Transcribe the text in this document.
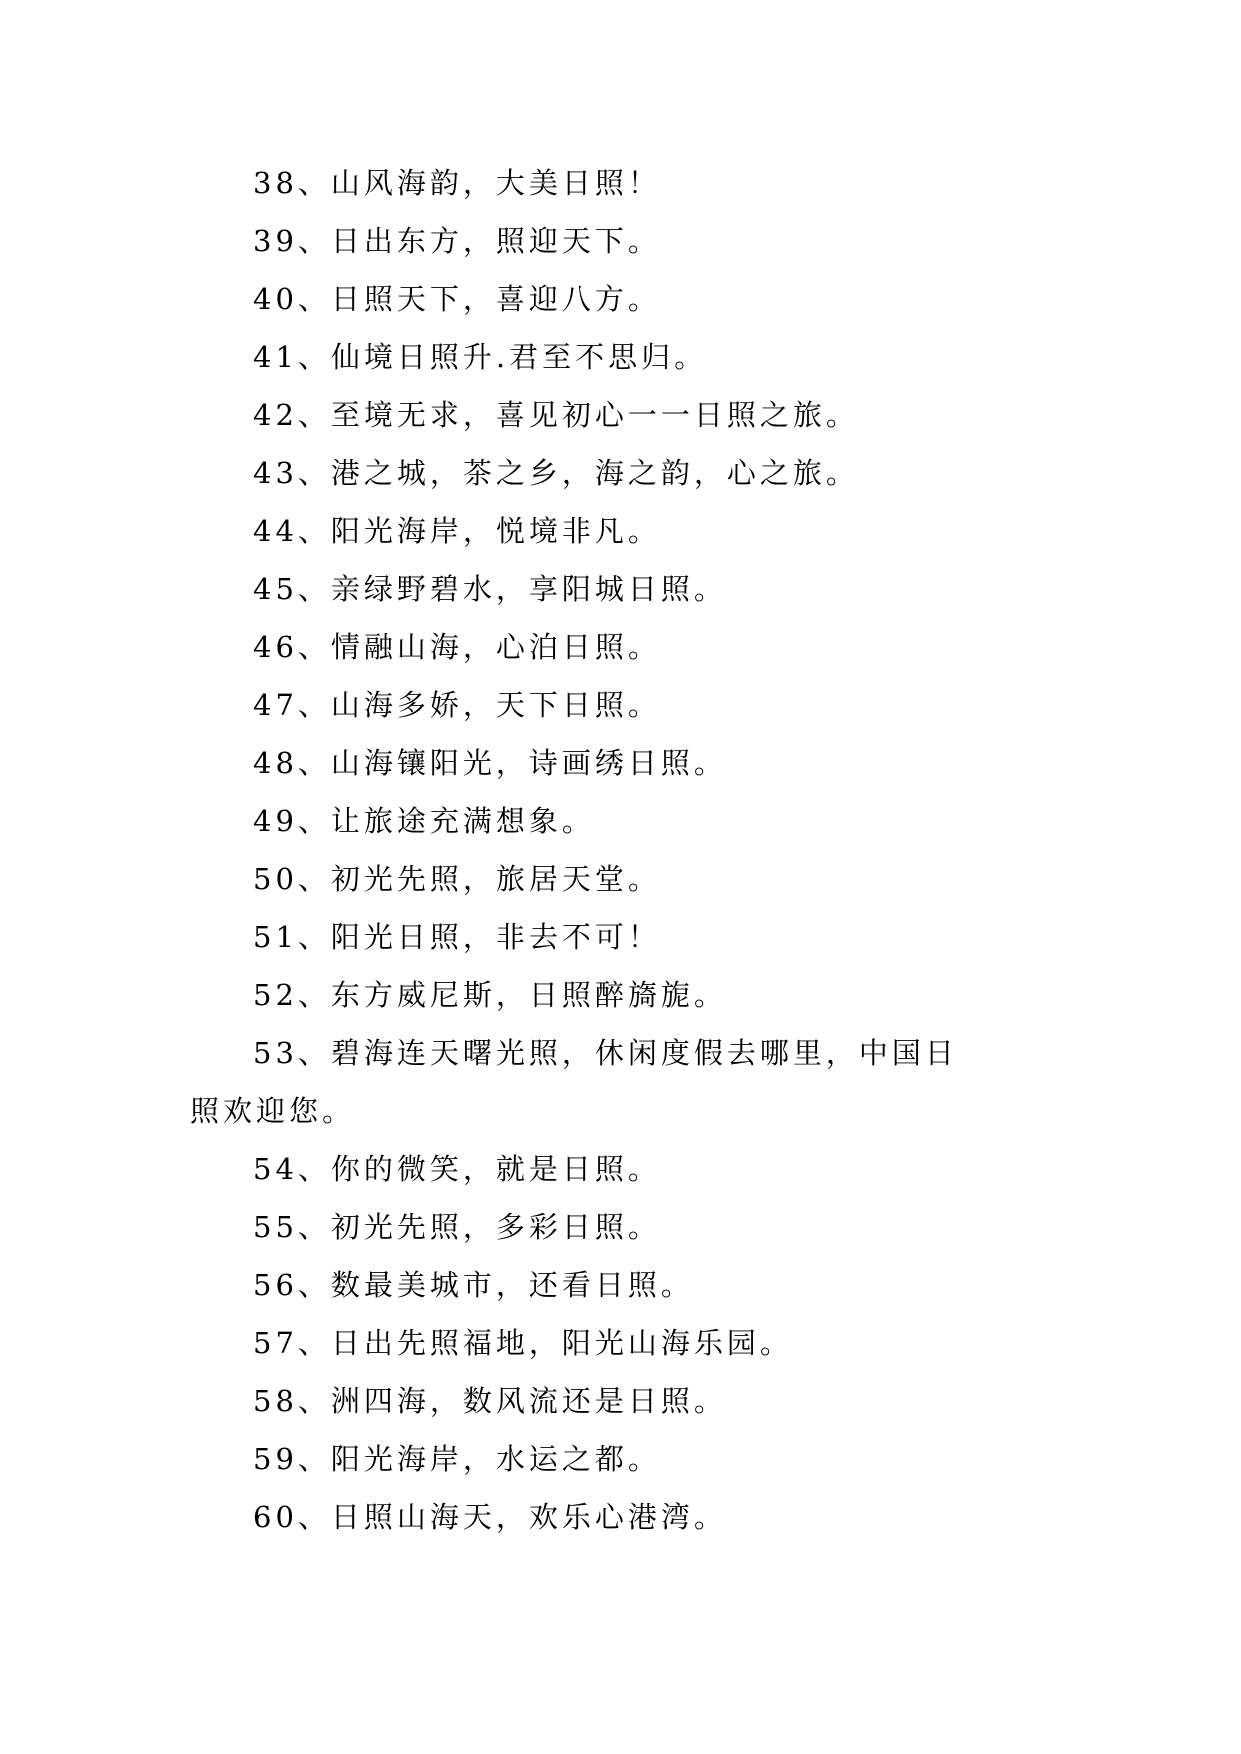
38、山风海韵，大美日照！
39、日出东方，照迎天下。
40、日照天下，喜迎八方。
41、仙境日照升.君至不思归。
42、至境无求，喜见初心一一日照之旅。
43、港之城，茶之乡，海之韵，心之旅。
44、阳光海岸，悦境非凡。
45、亲绿野碧水，享阳城日照。
46、情融山海，心泊日照。
47、山海多娇，天下日照。
48、山海镶阳光，诗画绣日照。
49、让旅途充满想象。
50、初光先照，旅居天堂。
51、阳光日照，非去不可！
52、东方威尼斯，日照醉旖旎。
53、碧海连天曙光照，休闲度假去哪里，中国日照欢迎您。
54、你的微笑，就是日照。
55、初光先照，多彩日照。
56、数最美城市，还看日照。
57、日出先照福地，阳光山海乐园。
58、洲四海，数风流还是日照。
59、阳光海岸，水运之都。
60、日照山海天，欢乐心港湾。
